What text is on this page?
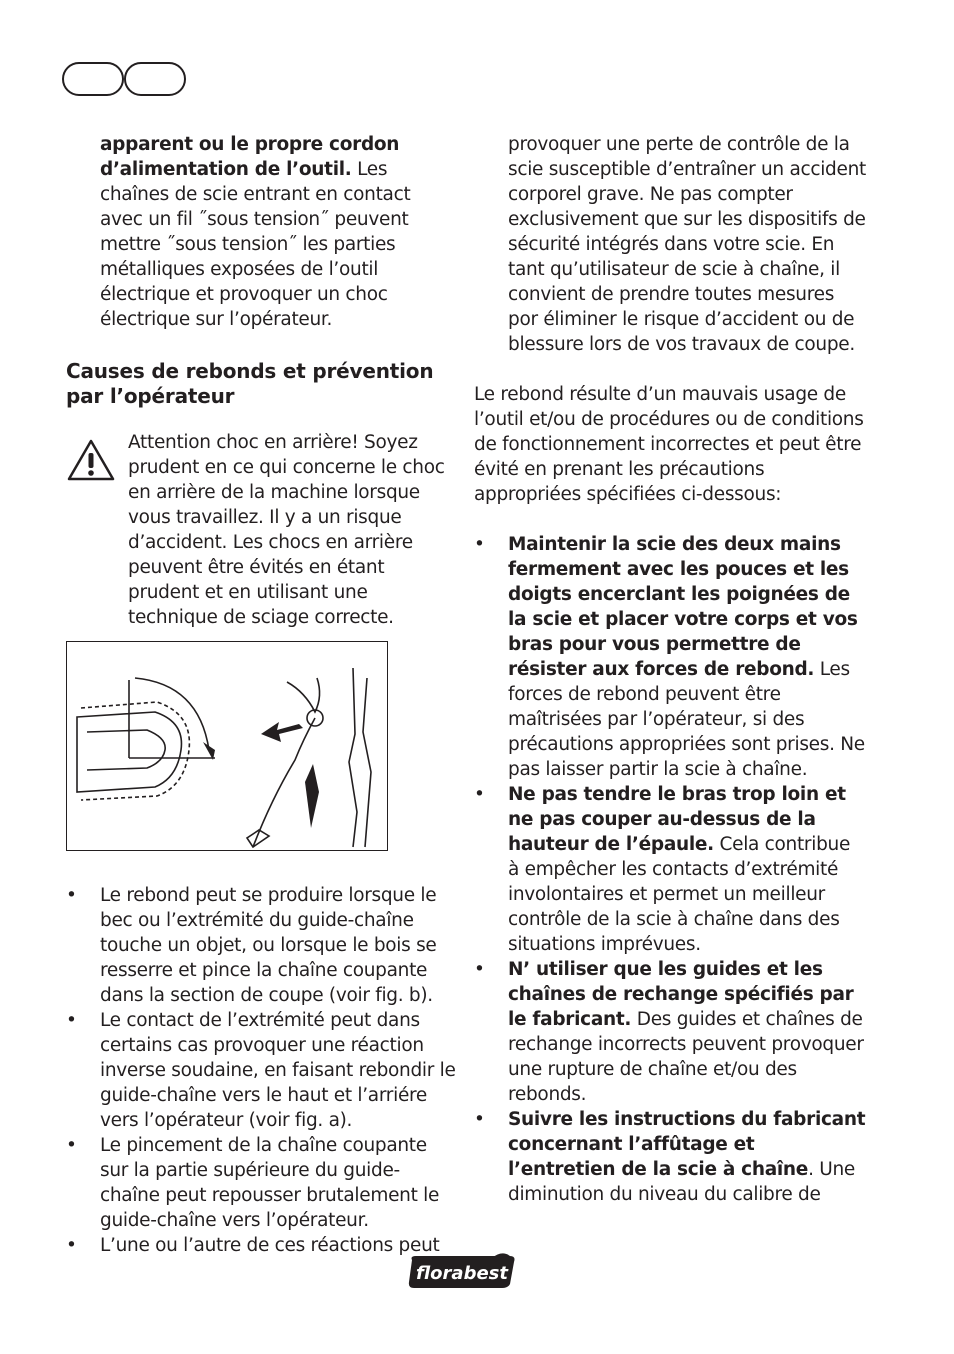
apparent ou le propre cordon d’alimentation de l’outil. Les chaînes de scie entrant en contact avec un fil ˝sous tension˝ peuvent mettre ˝sous tension˝ les parties métalliques exposées de l’outil électrique et provoquer un choc électrique sur l’opérateur.

Causes de rebonds et prévention par l’opérateur

Attention choc en arrière! Soyez prudent en ce qui concerne le choc en arrière de la machine lorsque vous travaillez. Il y a un risque d’accident. Les chocs en arrière peuvent être évités en étant prudent et en utilisant une technique de sciage correcte.

• Le rebond peut se produire lorsque le bec ou l’extrémité du guide-chaîne touche un objet, ou lorsque le bois se resserre et pince la chaîne coupante dans la section de coupe (voir fig. b).
• Le contact de l’extrémité peut dans certains cas provoquer une réaction inverse soudaine, en faisant rebondir le guide-chaîne vers le haut et l’arriére vers l’opérateur (voir fig. a).
• Le pincement de la chaîne coupante sur la partie supérieure du guide-chaîne peut repousser brutalement le guide-chaîne vers l’opérateur.
• L’une ou l’autre de ces réactions peut

provoquer une perte de contrôle de la scie susceptible d’entraîner un accident corporel grave. Ne pas compter exclusivement que sur les dispositifs de sécurité intégrés dans votre scie. En tant qu’utilisateur de scie à chaîne, il convient de prendre toutes mesures por éliminer le risque d’accident ou de blessure lors de vos travaux de coupe.

Le rebond résulte d’un mauvais usage de l’outil et/ou de procédures ou de conditions de fonctionnement incorrectes et peut être évité en prenant les précautions appropriées spécifiées ci-dessous:

• Maintenir la scie des deux mains fermement avec les pouces et les doigts encerclant les poignées de la scie et placer votre corps et vos bras pour vous permettre de résister aux forces de rebond. Les forces de rebond peuvent être maîtrisées par l’opérateur, si des précautions appropriées sont prises. Ne pas laisser partir la scie à chaîne.
• Ne pas tendre le bras trop loin et ne pas couper au-dessus de la hauteur de l’épaule. Cela contribue à empêcher les contacts d’extrémité involontaires et permet un meilleur contrôle de la scie à chaîne dans des situations imprévues.
• N’ utiliser que les guides et les chaînes de rechange spécifiés par le fabricant. Des guides et chaînes de rechange incorrects peuvent provoquer une rupture de chaîne et/ou des rebonds.
• Suivre les instructions du fabricant concernant l’affûtage et l’entretien de la scie à chaîne. Une diminution du niveau du calibre de
florabest
